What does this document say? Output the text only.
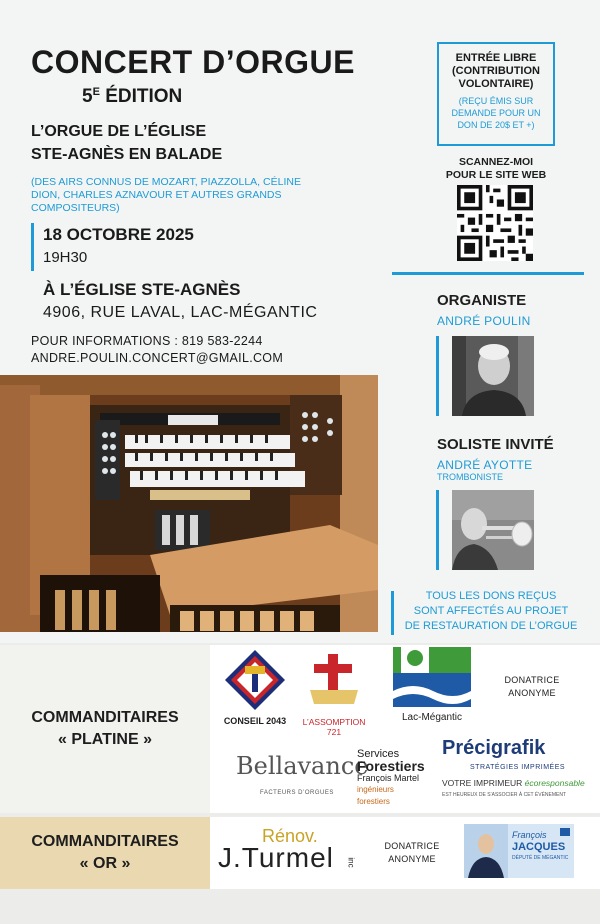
CONCERT D’ORGUE
$5^E$ ÉDITION
L’ORGUE DE L’ÉGLISE
STE-AGNÈS EN BALADE
(DES AIRS CONNUS DE MOZART, PIAZZOLLA, CÉLINE DION, CHARLES AZNAVOUR ET AUTRES GRANDS COMPOSITEURS)
18 OCTOBRE 2025
19H30
À L’ÉGLISE STE-AGNÈS
4906, RUE LAVAL, LAC-MÉGANTIC
POUR INFORMATIONS : 819 583-2244
ANDRE.POULIN.CONCERT@GMAIL.COM
ENTRÉE LIBRE
(CONTRIBUTION
VOLONTAIRE)
(REÇU ÉMIS SUR
DEMANDE POUR UN
DON DE 20$ ET +)
SCANNEZ-MOI
POUR LE SITE WEB
ORGANISTE
ANDRÉ POULIN
SOLISTE INVITÉ
ANDRÉ AYOTTE
TROMBONISTE
TOUS LES DONS REÇUS
SONT AFFECTÉS AU PROJET
DE RESTAURATION DE L’ORGUE
COMMANDITAIRES
« PLATINE »
CONSEIL 2043	L’ASSOMPTION 721
Lac-Mégantic
DONATRICE
ANONYME
Bellavance
FACTEURS D’ORGUES
Services
Forestiers
François Martel
ingénieurs forestiers
Précigrafik
STRATÉGIES IMPRIMÉES
VOTRE IMPRIMEUR écoresponsable
EST HEUREUX DE S’ASSOCIER À CET ÉVÉNEMENT
COMMANDITAIRES
« OR »
Rénov.
J.Turmel inc
DONATRICE
ANONYME
François
JACQUES
DÉPUTÉ DE MÉGANTIC
